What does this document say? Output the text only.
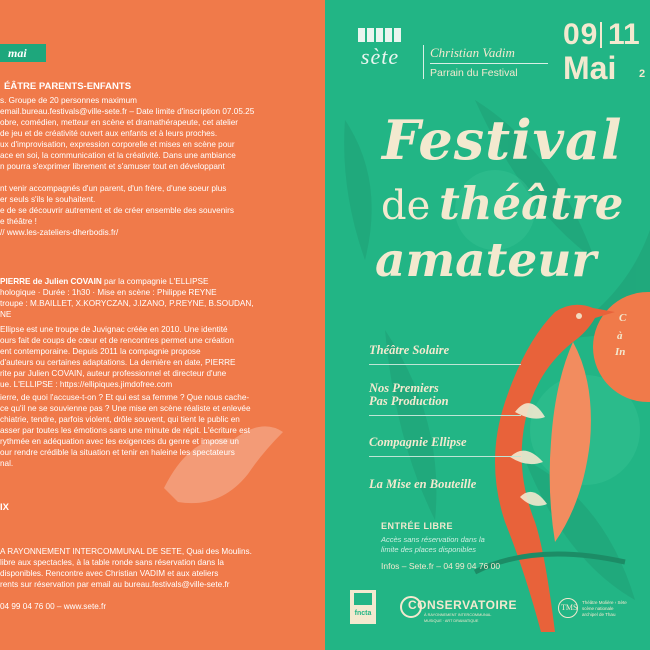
mai
ÉÂTRE PARENTS-ENFANTS
s. Groupe de 20 personnes maximum
email.bureau.festivals@ville-sete.fr – Date limite d'inscription 07.05.25
obre, comédien, metteur en scène et dramathérapeute, cet atelier
de jeu et de créativité ouvert aux enfants et à leurs proches.
ux d'improvisation, expression corporelle et mises en scène pour
ace en soi, la communication et la créativité. Dans une ambiance
n pourra s'exprimer librement et s'amuser tout en développant

nt venir accompagnés d'un parent, d'un frère, d'une soeur plus
er seuls s'ils le souhaitent.
e de se découvrir autrement et de créer ensemble des souvenirs
e théâtre !
// www.les-zateliers-dherbodis.fr/
PIERRE de Julien COVAIN par la compagnie L'ELLIPSE
hologique · Durée : 1h30 · Mise en scène : Philippe REYNE
troupe : M.BAILLET, X.KORYCZAN, J.IZANO, P.REYNE, B.SOUDAN,
NE
Ellipse est une troupe de Juvignac créée en 2010. Une identité
ours fait de coups de cœur et de rencontres permet une création
ent contemporaine. Depuis 2011 la compagnie propose
d'auteurs ou certaines adaptations. La dernière en date, PIERRE
rite par Julien COVAIN, auteur professionnel et directeur d'une
ue. L'ELLIPSE : https://ellipiques.jimdofree.com
ierre, de quoi l'accuse-t-on ? Et qui est sa femme ? Que nous cache-
ce qu'il ne se souvienne pas ? Une mise en scène réaliste et enlevée
chiatrie, tendre, parfois violent, drôle souvent, qui tient le public en
asser par toutes les émotions sans une minute de répit. L'écriture est
rythmée en adéquation avec les exigences du genre et impose un
our rendre crédible la situation et tenir en haleine les spectateurs
nal.
IX
A RAYONNEMENT INTERCOMMUNAL DE SETE, Quai des Moulins.
libre aux spectacles, à la table ronde sans réservation dans la
disponibles. Rencontre avec Christian VADIM et aux ateliers
rents sur réservation par email au bureau.festivals@ville-sete.fr

04 99 04 76 00 – www.sete.fr
sète	Christian Vadim
Parrain du Festival
09 11
Mai 2
Festival
de théâtre
amateur
C
à
In
Théâtre Solaire
Nos Premiers
Pas Production
Compagnie Ellipse
La Mise en Bouteille
ENTRÉE LIBRE
Accès sans réservation dans la
limite des places disponibles
Infos – Sete.fr – 04 99 04 76 00
fncta
CONSERVATOIRE
À RAYONNEMENT INTERCOMMUNAL
MUSIQUE · ART DRAMATIQUE
TMS
Théâtre Molière › Sète
scène nationale
archipel de Thau
